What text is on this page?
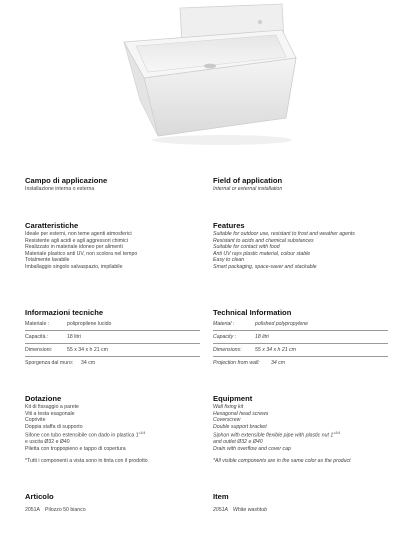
Campo di applicazione
Installazione interna o esterna
Caratteristiche
Ideale per esterni, non teme agenti atmosferici
Resistente agli acidi e agli aggressori chimici
Realizzato in materiale idoneo per alimenti
Materiale plastico anti UV, non scolora nel tempo
Totalmente lavabile
Imballaggio singolo salvaspazio, impilabile
Informazioni tecniche
Materiale :	polipropilene lucido
Capacità :	18 litri
Dimensioni:	55 x 34 x h 21 cm
Sporgenza dal muro: 34 cm
Dotazione
Kit di fissaggio a parete
Viti a testa esagonale
Coprivite
Doppia staffa di supporto
Sifone con tubo estensibile con dado in plastica 1"$^{1/4}$
e uscita Ø32 e Ø40
Piletta con troppopieno e tappo di copertura
*Tutti i componenti a vista sono in tinta con il prodotto
Articolo
2051A Pilozzo 50 bianco
Field of application
Internal or external installation
Features
Suitable for outdoor use, resistant to frost and weather agents
Resistant to acids and chemical substances
Suitable for contact with food
Anti UV rays plastic material, colour stable
Easy to clean
Smart packaging, space-saver and stackable
Technical Information
Material :	polished polypropylene
Capacity :	18 litri
Dimensions:	55 x 34 x h 21 cm
Projection from wall: 34 cm
Equipment
Wall fixing kit
Hexagonal head screws
Coverscrew
Double support bracket
Siphon with extensible flexible pipe with plastic nut 1"$^{1/4}$
and outlet Ø32 e Ø40
Drain with overflow and cover cap
*All visible components are in the same color as the product
Item
2051A White washtub
